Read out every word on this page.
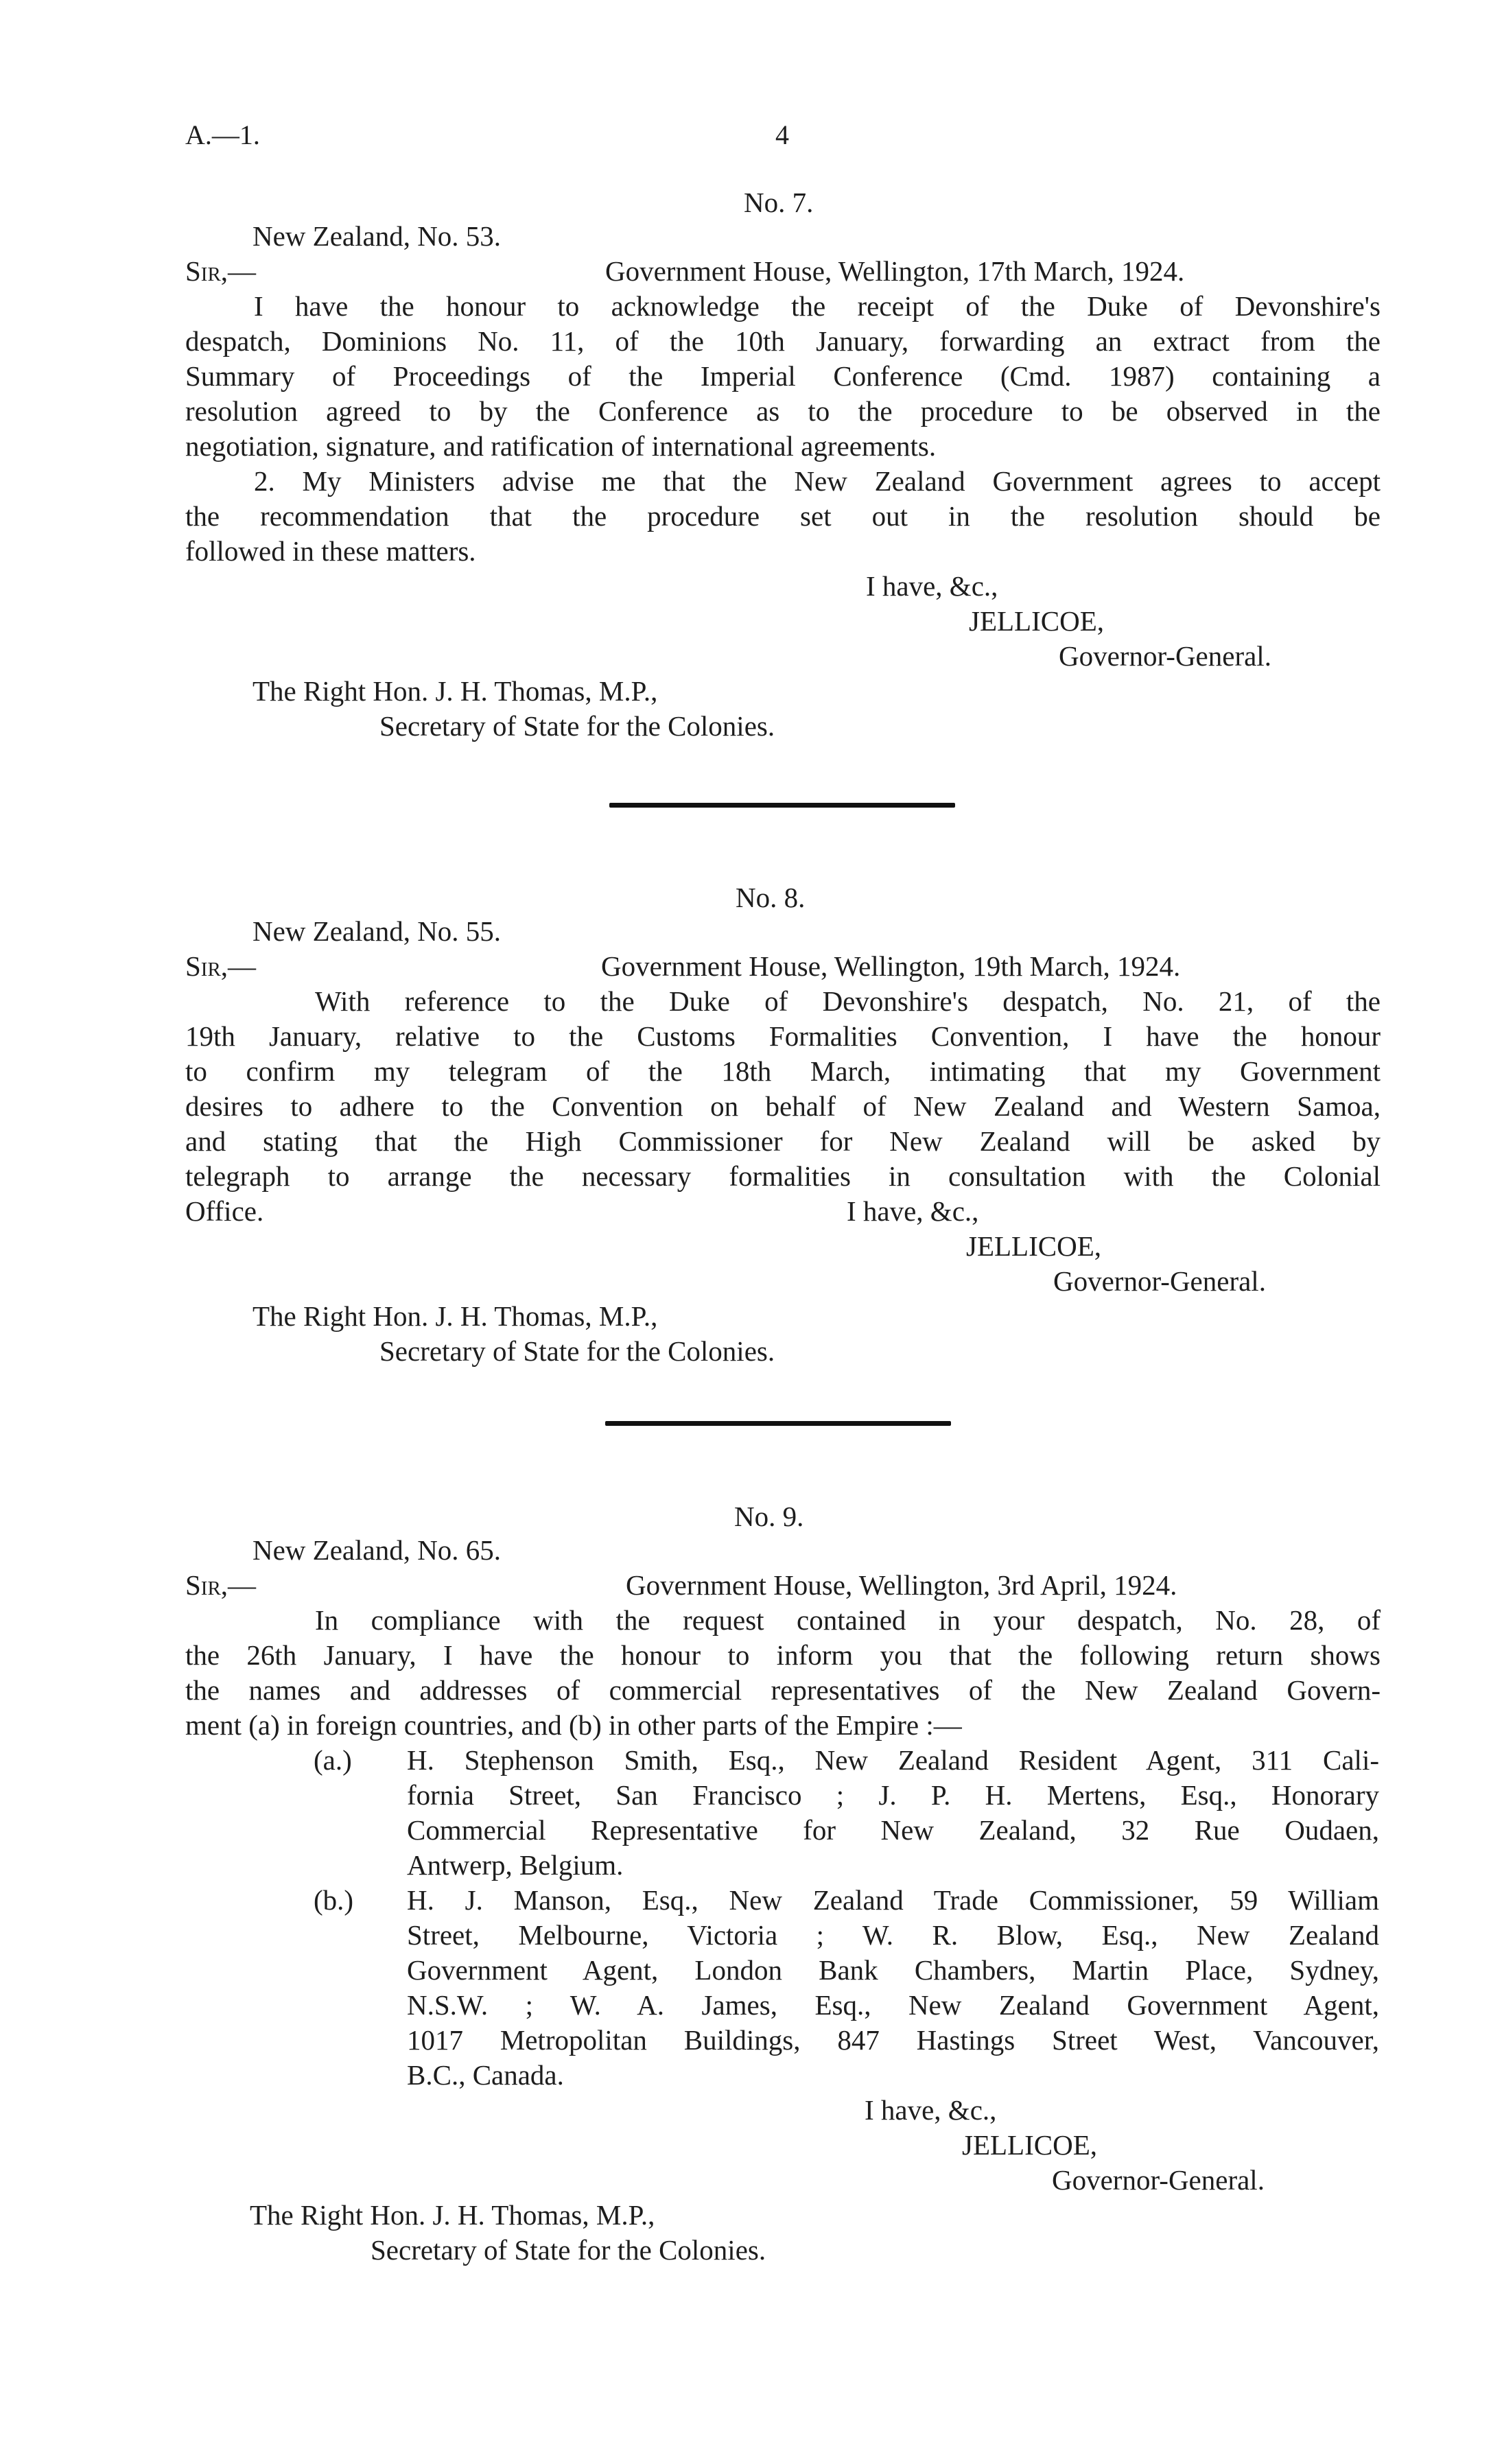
A.—1.	4
No. 7.
New Zealand, No. 53.
Sir,—	Government House, Wellington, 17th March, 1924.
I have the honour to acknowledge the receipt of the Duke of Devonshire's
despatch, Dominions No. 11, of the 10th January, forwarding an extract from the
Summary of Proceedings of the Imperial Conference (Cmd. 1987) containing a
resolution agreed to by the Conference as to the procedure to be observed in the
negotiation, signature, and ratification of international agreements.
2. My Ministers advise me that the New Zealand Government agrees to accept
the recommendation that the procedure set out in the resolution should be
followed in these matters.
I have, &c.,
JELLICOE,
Governor-General.
The Right Hon. J. H. Thomas, M.P.,
Secretary of State for the Colonies.
No. 8.
New Zealand, No. 55.
Sir,—	Government House, Wellington, 19th March, 1924.
With reference to the Duke of Devonshire's despatch, No. 21, of the
19th January, relative to the Customs Formalities Convention, I have the honour
to confirm my telegram of the 18th March, intimating that my Government
desires to adhere to the Convention on behalf of New Zealand and Western Samoa,
and stating that the High Commissioner for New Zealand will be asked by
telegraph to arrange the necessary formalities in consultation with the Colonial
Office.	I have, &c.,
JELLICOE,
Governor-General.
The Right Hon. J. H. Thomas, M.P.,
Secretary of State for the Colonies.
No. 9.
New Zealand, No. 65.
Sir,—	Government House, Wellington, 3rd April, 1924.
In compliance with the request contained in your despatch, No. 28, of
the 26th January, I have the honour to inform you that the following return shows
the names and addresses of commercial representatives of the New Zealand Govern-
ment (a) in foreign countries, and (b) in other parts of the Empire :—
(a.) H. Stephenson Smith, Esq., New Zealand Resident Agent, 311 Cali-
fornia Street, San Francisco ; J. P. H. Mertens, Esq., Honorary
Commercial Representative for New Zealand, 32 Rue Oudaen,
Antwerp, Belgium.
(b.) H. J. Manson, Esq., New Zealand Trade Commissioner, 59 William
Street, Melbourne, Victoria ; W. R. Blow, Esq., New Zealand
Government Agent, London Bank Chambers, Martin Place, Sydney,
N.S.W. ; W. A. James, Esq., New Zealand Government Agent,
1017 Metropolitan Buildings, 847 Hastings Street West, Vancouver,
B.C., Canada.
I have, &c.,
JELLICOE,
Governor-General.
The Right Hon. J. H. Thomas, M.P.,
Secretary of State for the Colonies.
